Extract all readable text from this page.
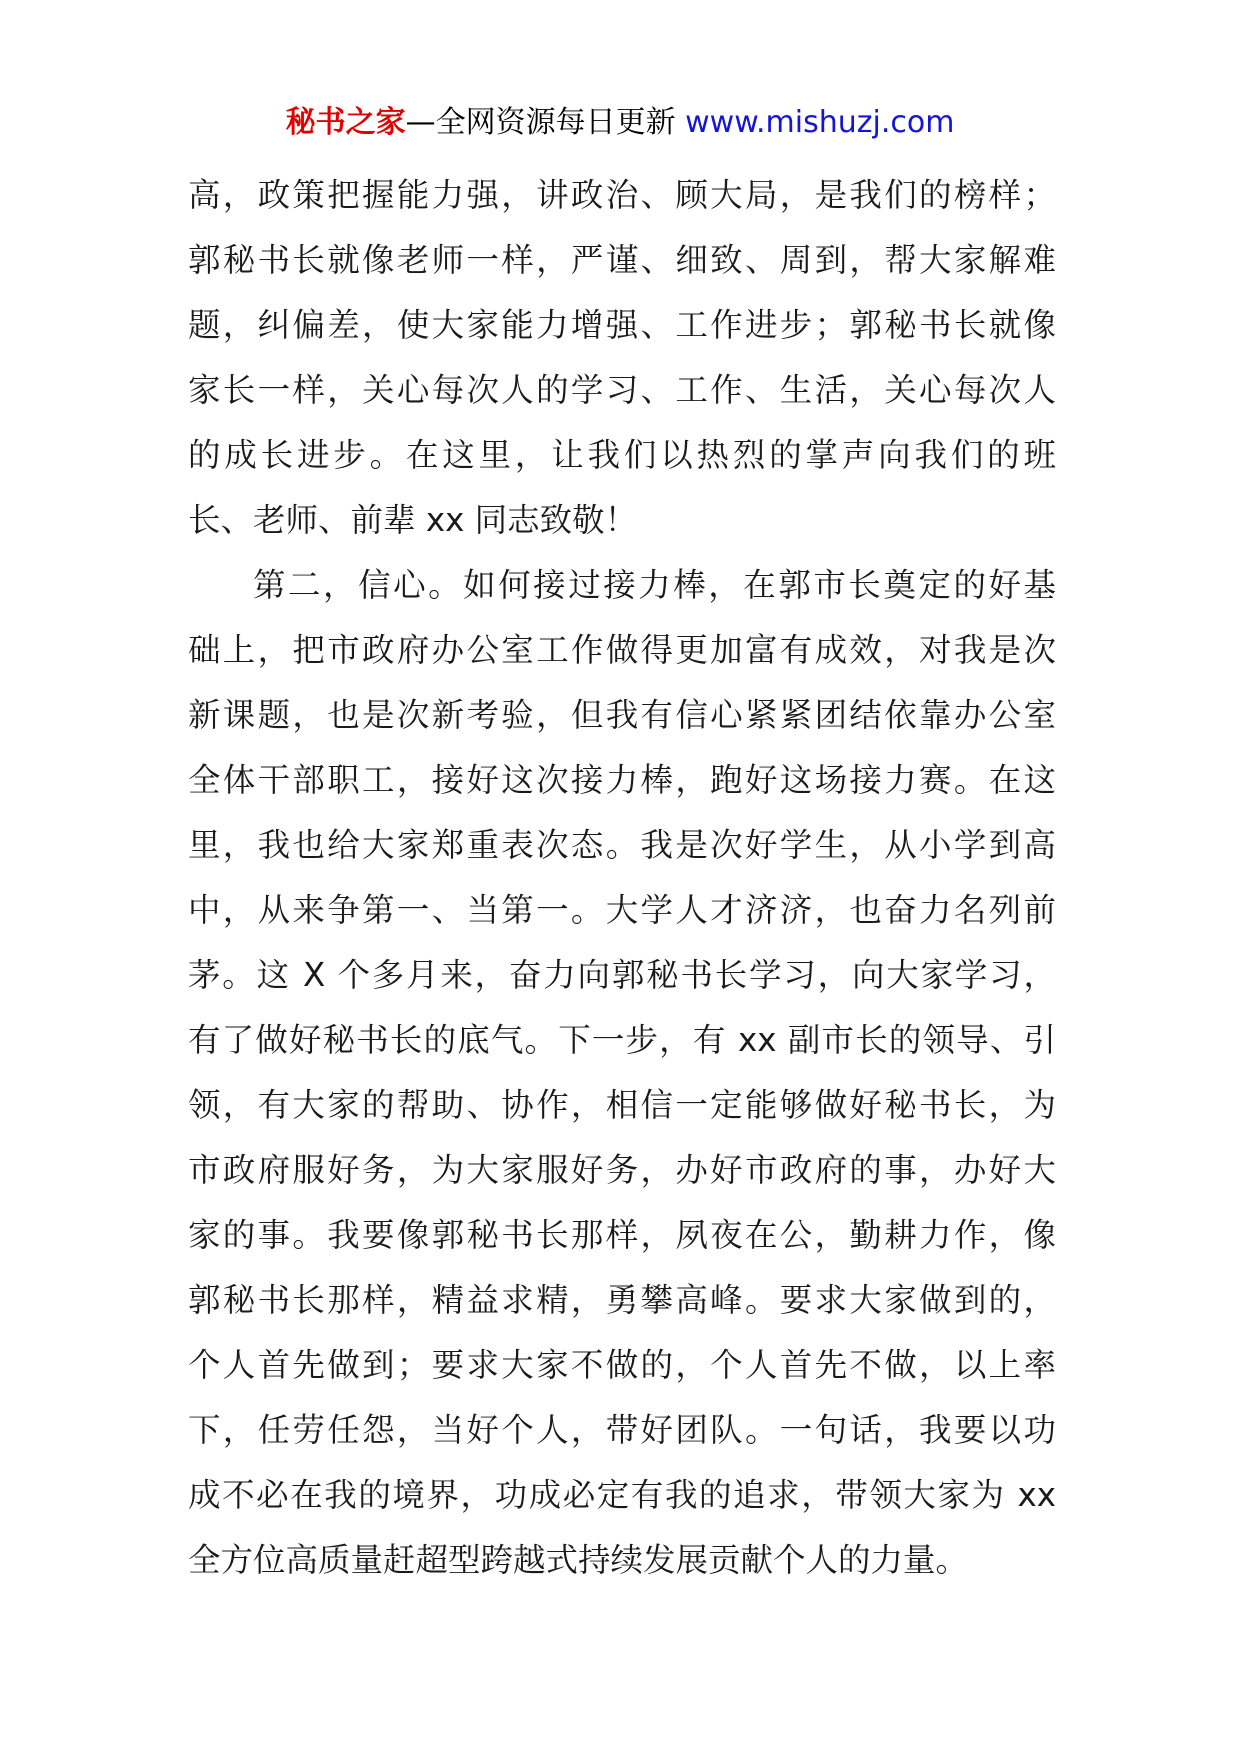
秘书之家—全网资源每日更新 www.mishuzj.com
高，政策把握能力强，讲政治、顾大局，是我们的榜样；
郭秘书长就像老师一样，严谨、细致、周到，帮大家解难
题，纠偏差，使大家能力增强、工作进步；郭秘书长就像
家长一样，关心每次人的学习、工作、生活，关心每次人
的成长进步。在这里，让我们以热烈的掌声向我们的班
长、老师、前辈 xx 同志致敬！
第二，信心。如何接过接力棒，在郭市长奠定的好基
础上，把市政府办公室工作做得更加富有成效，对我是次
新课题，也是次新考验，但我有信心紧紧团结依靠办公室
全体干部职工，接好这次接力棒，跑好这场接力赛。在这
里，我也给大家郑重表次态。我是次好学生，从小学到高
中，从来争第一、当第一。大学人才济济，也奋力名列前
茅。这 X 个多月来，奋力向郭秘书长学习，向大家学习，
有了做好秘书长的底气。下一步，有 xx 副市长的领导、引
领，有大家的帮助、协作，相信一定能够做好秘书长，为
市政府服好务，为大家服好务，办好市政府的事，办好大
家的事。我要像郭秘书长那样，夙夜在公，勤耕力作，像
郭秘书长那样，精益求精，勇攀高峰。要求大家做到的，
个人首先做到；要求大家不做的，个人首先不做，以上率
下，任劳任怨，当好个人，带好团队。一句话，我要以功
成不必在我的境界，功成必定有我的追求，带领大家为 xx
全方位高质量赶超型跨越式持续发展贡献个人的力量。
